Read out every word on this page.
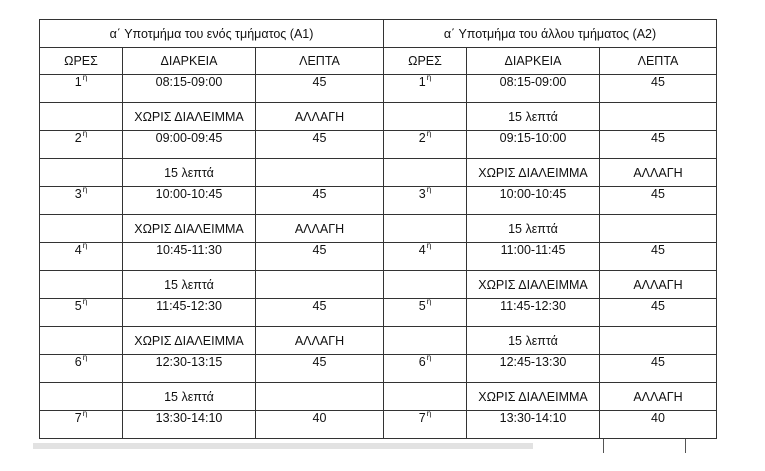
α΄ Υποτμήμα του ενός τμήματος (Α1)			α΄ Υποτμήμα του άλλου τμήματος (Α2)		
ΩΡΕΣ	ΔΙΑΡΚΕΙΑ	ΛΕΠΤΑ	ΩΡΕΣ	ΔΙΑΡΚΕΙΑ	ΛΕΠΤΑ
$1^\eta$	08:15-09:00	45	$1^\eta$	08:15-09:00	45
	ΧΩΡΙΣ ΔΙΑΛΕΙΜΜΑ	ΑΛΛΑΓΗ		15 λεπτά	
$2^\eta$	09:00-09:45	45	$2^\eta$	09:15-10:00	45
	15 λεπτά			ΧΩΡΙΣ ΔΙΑΛΕΙΜΜΑ	ΑΛΛΑΓΗ
$3^\eta$	10:00-10:45	45	$3^\eta$	10:00-10:45	45
	ΧΩΡΙΣ ΔΙΑΛΕΙΜΜΑ	ΑΛΛΑΓΗ		15 λεπτά	
$4^\eta$	10:45-11:30	45	$4^\eta$	11:00-11:45	45
	15 λεπτά			ΧΩΡΙΣ ΔΙΑΛΕΙΜΜΑ	ΑΛΛΑΓΗ
$5^\eta$	11:45-12:30	45	$5^\eta$	11:45-12:30	45
	ΧΩΡΙΣ ΔΙΑΛΕΙΜΜΑ	ΑΛΛΑΓΗ		15 λεπτά	
$6^\eta$	12:30-13:15	45	$6^\eta$	12:45-13:30	45
	15 λεπτά			ΧΩΡΙΣ ΔΙΑΛΕΙΜΜΑ	ΑΛΛΑΓΗ
$7^\eta$	13:30-14:10	40	$7^\eta$	13:30-14:10	40
